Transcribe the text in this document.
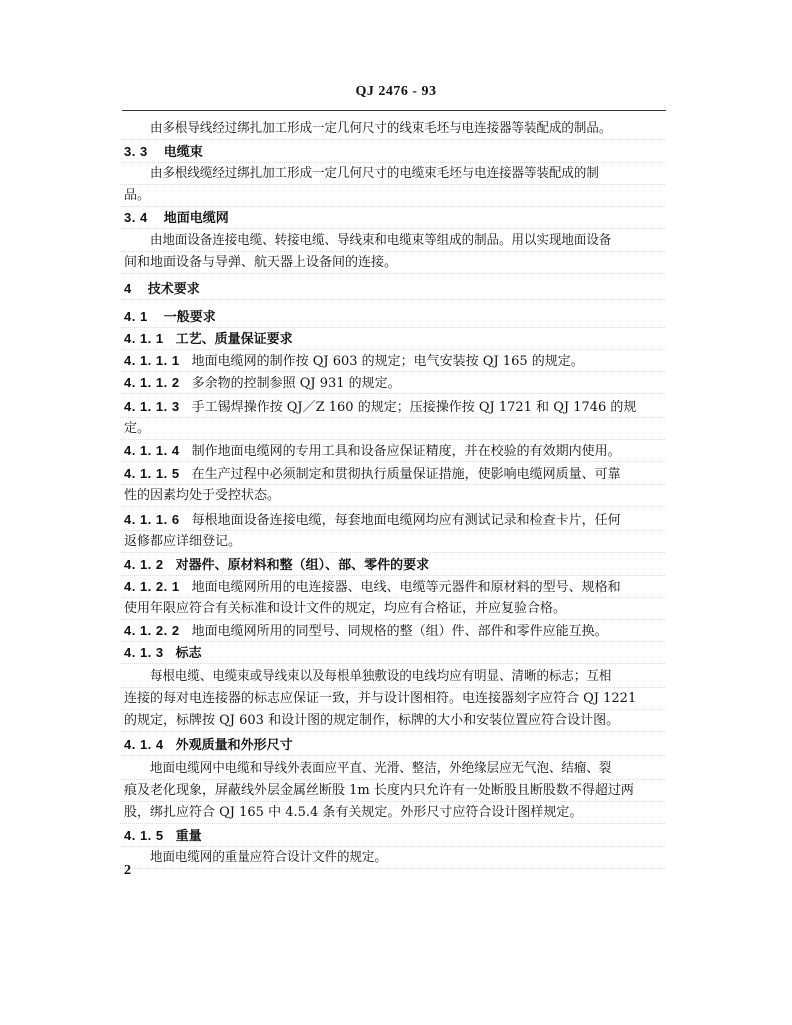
QJ 2476 - 93
由多根导线经过绑扎加工形成一定几何尺寸的线束毛坯与电连接器等装配成的制品。
3. 3 电缆束
由多根线缆经过绑扎加工形成一定几何尺寸的电缆束毛坯与电连接器等装配成的制
品。
3. 4 地面电缆网
由地面设备连接电缆、转接电缆、导线束和电缆束等组成的制品。用以实现地面设备
间和地面设备与导弹、航天器上设备间的连接。
4 技术要求
4. 1 一般要求
4. 1. 1 工艺、质量保证要求
4. 1. 1. 1 地面电缆网的制作按 QJ 603 的规定；电气安装按 QJ 165 的规定。
4. 1. 1. 2 多余物的控制参照 QJ 931 的规定。
4. 1. 1. 3 手工锡焊操作按 QJ／Z 160 的规定；压接操作按 QJ 1721 和 QJ 1746 的规
定。
4. 1. 1. 4 制作地面电缆网的专用工具和设备应保证精度，并在校验的有效期内使用。
4. 1. 1. 5 在生产过程中必须制定和贯彻执行质量保证措施，使影响电缆网质量、可靠
性的因素均处于受控状态。
4. 1. 1. 6 每根地面设备连接电缆，每套地面电缆网均应有测试记录和检查卡片，任何
返修都应详细登记。
4. 1. 2 对器件、原材料和整（组）、部、零件的要求
4. 1. 2. 1 地面电缆网所用的电连接器、电线、电缆等元器件和原材料的型号、规格和
使用年限应符合有关标准和设计文件的规定，均应有合格证，并应复验合格。
4. 1. 2. 2 地面电缆网所用的同型号、同规格的整（组）件、部件和零件应能互换。
4. 1. 3 标志
每根电缆、电缆束或导线束以及每根单独敷设的电线均应有明显、清晰的标志；互相
连接的每对电连接器的标志应保证一致，并与设计图相符。电连接器刻字应符合 QJ 1221
的规定，标牌按 QJ 603 和设计图的规定制作，标牌的大小和安装位置应符合设计图。
4. 1. 4 外观质量和外形尺寸
地面电缆网中电缆和导线外表面应平直、光滑、整洁，外绝缘层应无气泡、结瘤、裂
痕及老化现象，屏蔽线外层金属丝断股 1m 长度内只允许有一处断股且断股数不得超过两
股，绑扎应符合 QJ 165 中 4.5.4 条有关规定。外形尺寸应符合设计图样规定。
4. 1. 5 重量
地面电缆网的重量应符合设计文件的规定。
2
